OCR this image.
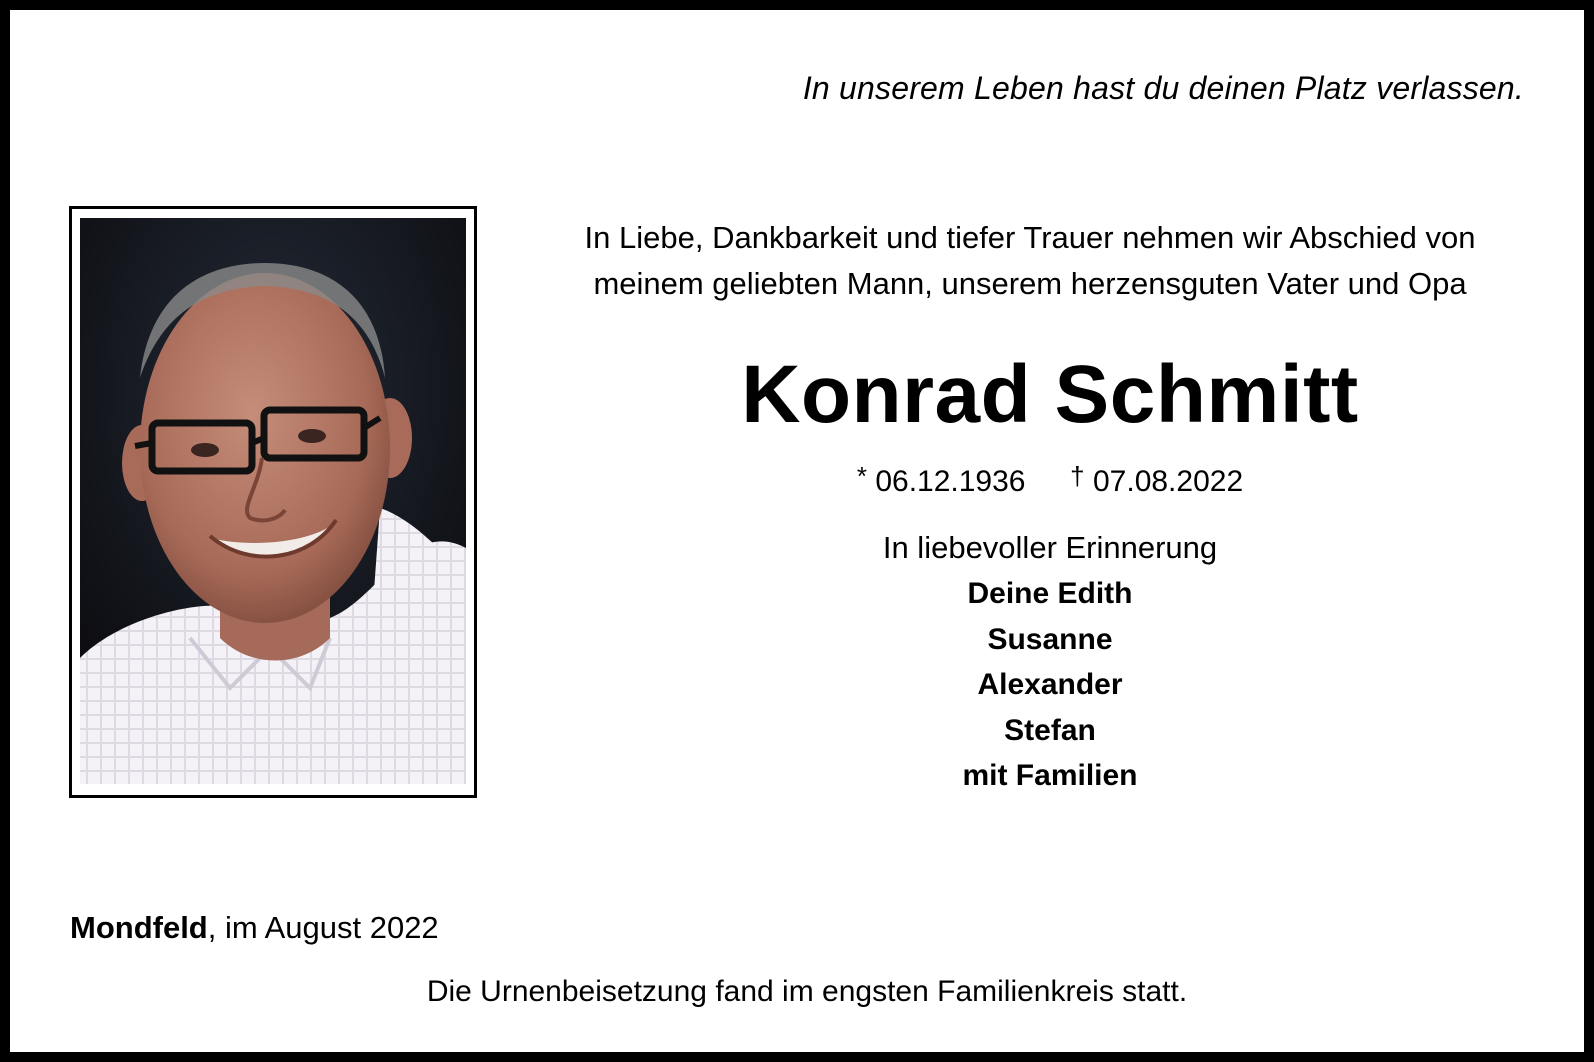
In unserem Leben hast du deinen Platz verlassen.
In Liebe, Dankbarkeit und tiefer Trauer nehmen wir Abschied von
meinem geliebten Mann, unserem herzensguten Vater und Opa
Konrad Schmitt
* 06.12.1936 † 07.08.2022
In liebevoller Erinnerung
Deine Edith
Susanne
Alexander
Stefan
mit Familien
Mondfeld, im August 2022
Die Urnenbeisetzung fand im engsten Familienkreis statt.
